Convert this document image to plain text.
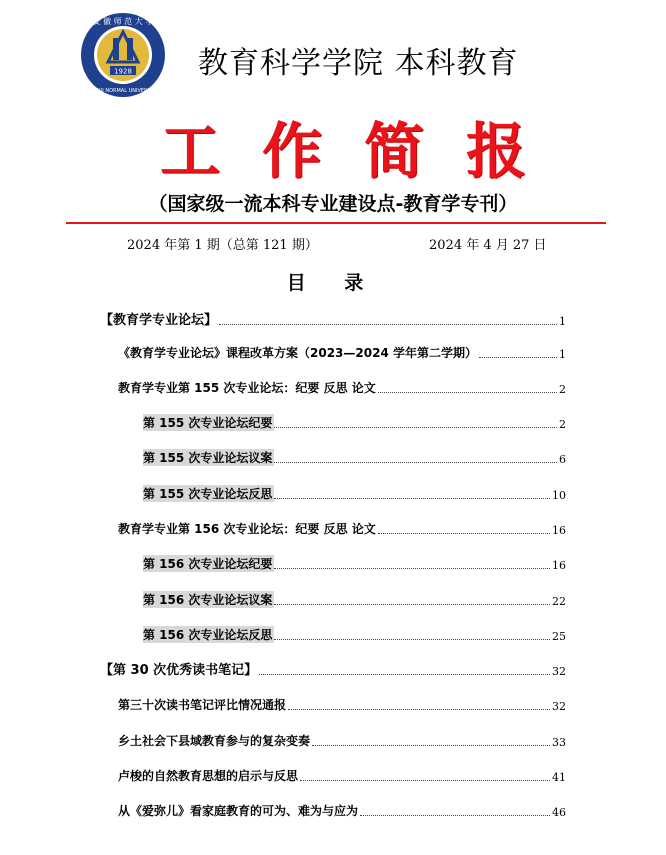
1928
安 徽 师 范 大 学
ANHUI NORMAL UNIVERSITY
教育科学学院 本科教育
工作简报
（国家级一流本科专业建设点-教育学专刊）
2024 年第 1 期（总第 121 期）	2024 年 4 月 27 日
目 录
【教育学专业论坛】	1
《教育学专业论坛》课程改革方案（2023—2024 学年第二学期）	1
教育学专业第 155 次专业论坛：纪要 反思 论文	2
第 155 次专业论坛纪要	2
第 155 次专业论坛议案	6
第 155 次专业论坛反思	10
教育学专业第 156 次专业论坛：纪要 反思 论文	16
第 156 次专业论坛纪要	16
第 156 次专业论坛议案	22
第 156 次专业论坛反思	25
【第 30 次优秀读书笔记】	32
第三十次读书笔记评比情况通报	32
乡土社会下县域教育参与的复杂变奏	33
卢梭的自然教育思想的启示与反思	41
从《爱弥儿》看家庭教育的可为、难为与应为	46
